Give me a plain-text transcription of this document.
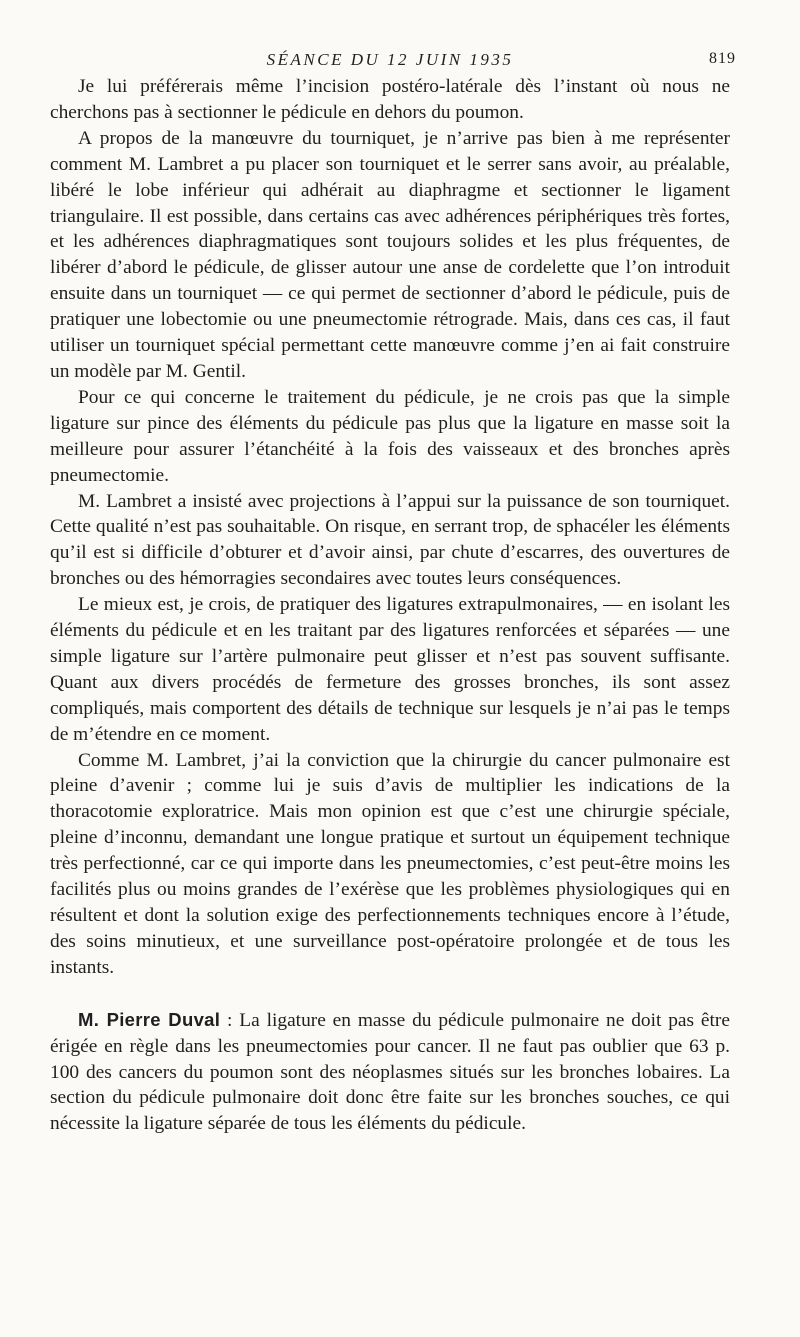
SÉANCE DU 12 JUIN 1935	819

Je lui préférerais même l’incision postéro-latérale dès l’instant où nous ne cherchons pas à sectionner le pédicule en dehors du poumon.

A propos de la manœuvre du tourniquet, je n’arrive pas bien à me représenter comment M. Lambret a pu placer son tourniquet et le serrer sans avoir, au préalable, libéré le lobe inférieur qui adhérait au diaphragme et sectionner le ligament triangulaire. Il est possible, dans certains cas avec adhérences périphériques très fortes, et les adhérences diaphragmatiques sont toujours solides et les plus fréquentes, de libérer d’abord le pédicule, de glisser autour une anse de cordelette que l’on introduit ensuite dans un tourniquet — ce qui permet de sectionner d’abord le pédicule, puis de pratiquer une lobectomie ou une pneumectomie rétrograde. Mais, dans ces cas, il faut utiliser un tourniquet spécial permettant cette manœuvre comme j’en ai fait construire un modèle par M. Gentil.

Pour ce qui concerne le traitement du pédicule, je ne crois pas que la simple ligature sur pince des éléments du pédicule pas plus que la ligature en masse soit la meilleure pour assurer l’étanchéité à la fois des vaisseaux et des bronches après pneumectomie.

M. Lambret a insisté avec projections à l’appui sur la puissance de son tourniquet. Cette qualité n’est pas souhaitable. On risque, en serrant trop, de sphacéler les éléments qu’il est si difficile d’obturer et d’avoir ainsi, par chute d’escarres, des ouvertures de bronches ou des hémorragies secondaires avec toutes leurs conséquences.

Le mieux est, je crois, de pratiquer des ligatures extrapulmonaires, — en isolant les éléments du pédicule et en les traitant par des ligatures renforcées et séparées — une simple ligature sur l’artère pulmonaire peut glisser et n’est pas souvent suffisante. Quant aux divers procédés de fermeture des grosses bronches, ils sont assez compliqués, mais comportent des détails de technique sur lesquels je n’ai pas le temps de m’étendre en ce moment.

Comme M. Lambret, j’ai la conviction que la chirurgie du cancer pulmonaire est pleine d’avenir ; comme lui je suis d’avis de multiplier les indications de la thoracotomie exploratrice. Mais mon opinion est que c’est une chirurgie spéciale, pleine d’inconnu, demandant une longue pratique et surtout un équipement technique très perfectionné, car ce qui importe dans les pneumectomies, c’est peut-être moins les facilités plus ou moins grandes de l’exérèse que les problèmes physiologiques qui en résultent et dont la solution exige des perfectionnements techniques encore à l’étude, des soins minutieux, et une surveillance post-opératoire prolongée et de tous les instants.

M. Pierre Duval : La ligature en masse du pédicule pulmonaire ne doit pas être érigée en règle dans les pneumectomies pour cancer. Il ne faut pas oublier que 63 p. 100 des cancers du poumon sont des néoplasmes situés sur les bronches lobaires. La section du pédicule pulmonaire doit donc être faite sur les bronches souches, ce qui nécessite la ligature séparée de tous les éléments du pédicule.
